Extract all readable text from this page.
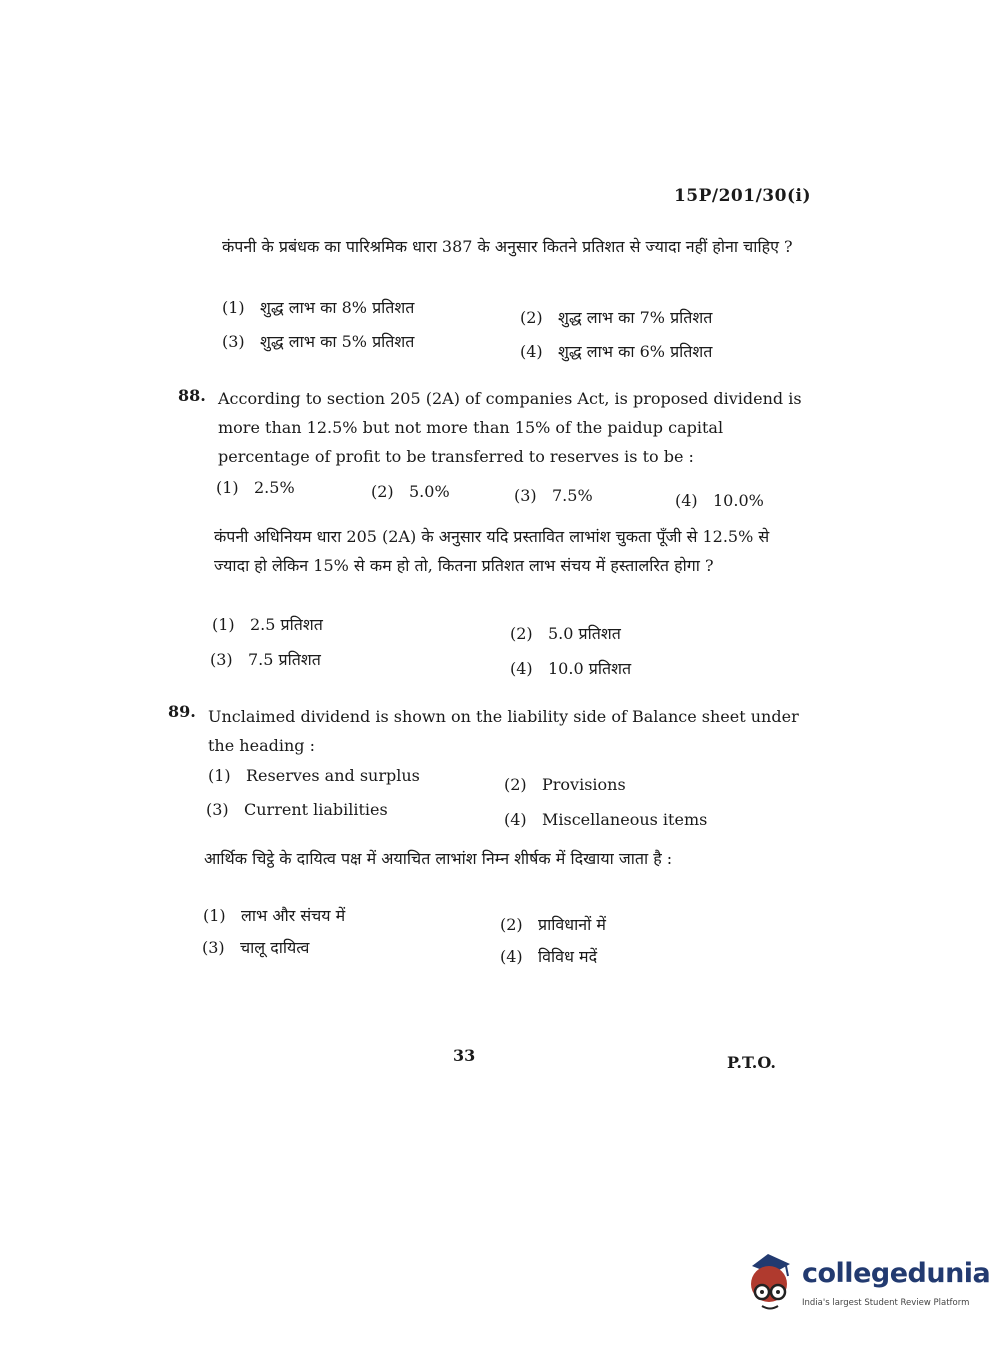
15P/201/30(i)
कंपनी के प्रबंधक का पारिश्रमिक धारा 387 के अनुसार कितने प्रतिशत से ज्यादा नहीं होना चाहिए ?
(1) शुद्ध लाभ का 8% प्रतिशत
(2) शुद्ध लाभ का 7% प्रतिशत
(3) शुद्ध लाभ का 5% प्रतिशत
(4) शुद्ध लाभ का 6% प्रतिशत
88. According to section 205 (2A) of companies Act, is proposed dividend is more than 12.5% but not more than 15% of the paidup capital percentage of profit to be transferred to reserves is to be :
(1) 2.5%	(2) 5.0%	(3) 7.5%	(4) 10.0%
कंपनी अधिनियम धारा 205 (2A) के अनुसार यदि प्रस्तावित लाभांश चुकता पूँजी से 12.5% से ज्यादा हो लेकिन 15% से कम हो तो, कितना प्रतिशत लाभ संचय में हस्तालरित होगा ?
(1) 2.5 प्रतिशत	(2) 5.0 प्रतिशत
(3) 7.5 प्रतिशत	(4) 10.0 प्रतिशत
89. Unclaimed dividend is shown on the liability side of Balance sheet under the heading :
(1) Reserves and surplus	(2) Provisions
(3) Current liabilities
(4) Miscellaneous items
आर्थिक चिट्ठे के दायित्व पक्ष में अयाचित लाभांश निम्न शीर्षक में दिखाया जाता है :
(1) लाभ और संचय में	(2) प्राविधानों में
(3) चालू दायित्व	(4) विविध मदें
33	P.T.O.
collegedunia
India's largest Student Review Platform
